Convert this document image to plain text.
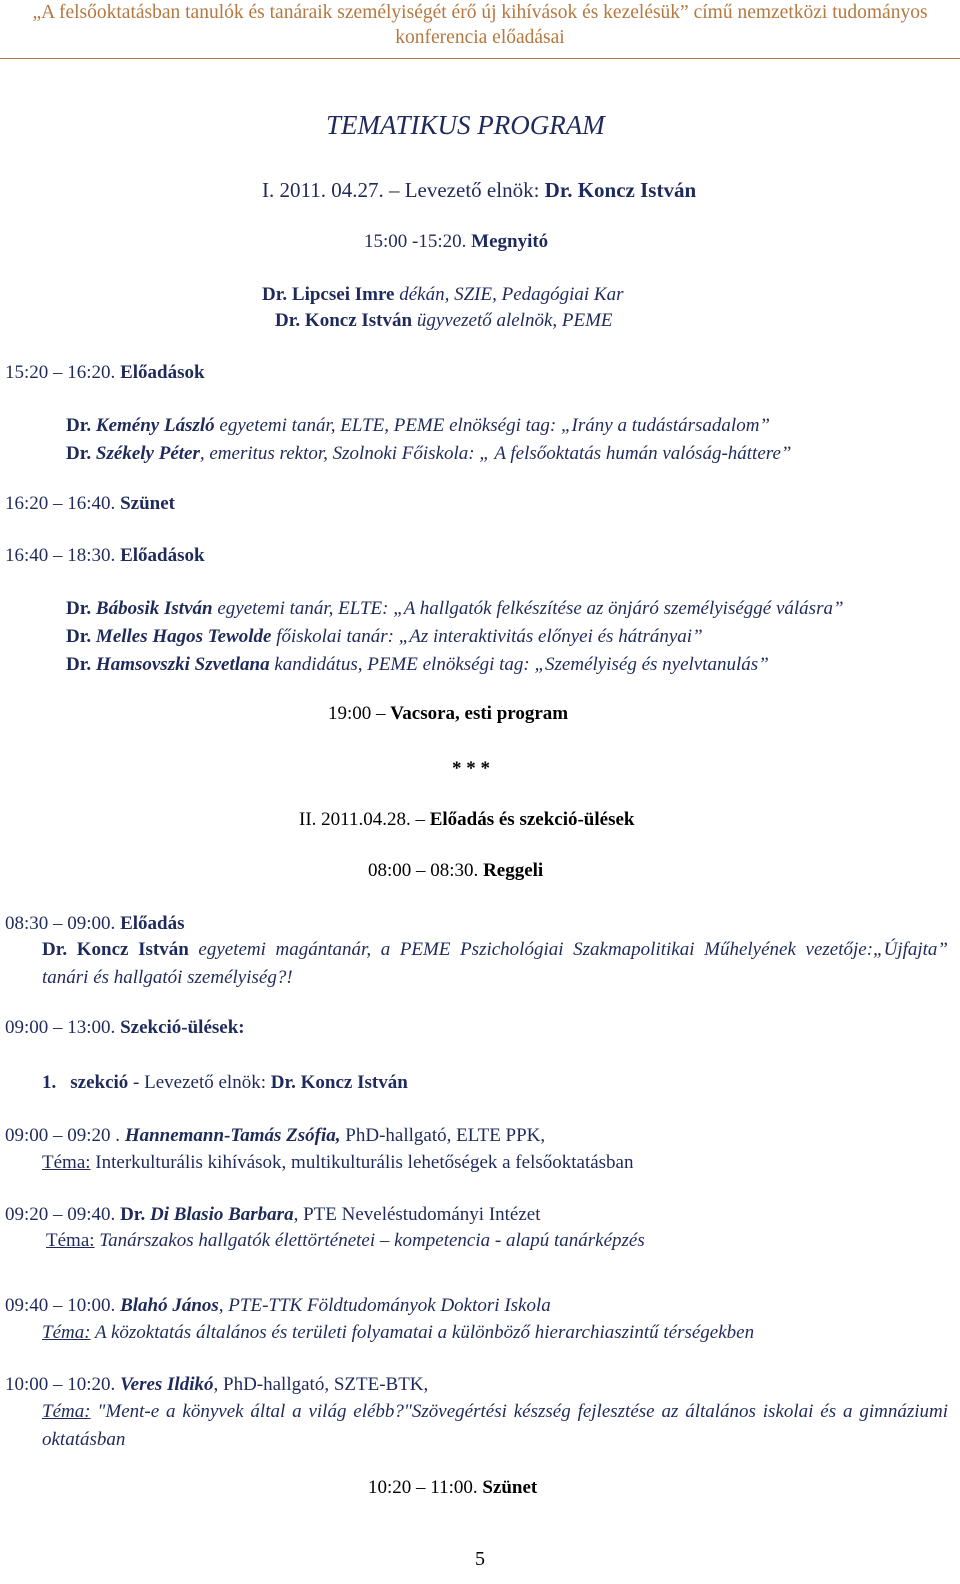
„A felsőoktatásban tanulók és tanáraik személyiségét érő új kihívások és kezelésük” című nemzetközi tudományos
konferencia előadásai
TEMATIKUS PROGRAM
I. 2011. 04.27. – Levezető elnök: Dr. Koncz István
15:00 -15:20. Megnyitó
Dr. Lipcsei Imre dékán, SZIE, Pedagógiai Kar
Dr. Koncz István ügyvezető alelnök, PEME
15:20 – 16:20. Előadások
Dr. Kemény László egyetemi tanár, ELTE, PEME elnökségi tag: „Irány a tudástársadalom”
Dr. Székely Péter, emeritus rektor, Szolnoki Főiskola: „ A felsőoktatás humán valóság-háttere”
16:20 – 16:40. Szünet
16:40 – 18:30. Előadások
Dr. Bábosik István egyetemi tanár, ELTE: „A hallgatók felkészítése az önjáró személyiséggé válásra”
Dr. Melles Hagos Tewolde főiskolai tanár: „Az interaktivitás előnyei és hátrányai”
Dr. Hamsovszki Szvetlana kandidátus, PEME elnökségi tag: „Személyiség és nyelvtanulás”
19:00 – Vacsora, esti program
* * *
II. 2011.04.28. – Előadás és szekció-ülések
08:00 – 08:30. Reggeli
08:30 – 09:00. Előadás
Dr. Koncz István egyetemi magántanár, a PEME Pszichológiai Szakmapolitikai Műhelyének vezetője:„Újfajta” tanári és hallgatói személyiség?!
09:00 – 13:00. Szekció-ülések:
1. szekció - Levezető elnök: Dr. Koncz István
09:00 – 09:20 . Hannemann-Tamás Zsófia, PhD-hallgató, ELTE PPK,
Téma: Interkulturális kihívások, multikulturális lehetőségek a felsőoktatásban
09:20 – 09:40. Dr. Di Blasio Barbara, PTE Neveléstudományi Intézet
Téma: Tanárszakos hallgatók élettörténetei – kompetencia - alapú tanárképzés
09:40 – 10:00. Blahó János, PTE-TTK Földtudományok Doktori Iskola
Téma: A közoktatás általános és területi folyamatai a különböző hierarchiaszintű térségekben
10:00 – 10:20. Veres Ildikó, PhD-hallgató, SZTE-BTK,
Téma: "Ment-e a könyvek által a világ elébb?"Szövegértési készség fejlesztése az általános iskolai és a gimnáziumi oktatásban
10:20 – 11:00. Szünet
5
